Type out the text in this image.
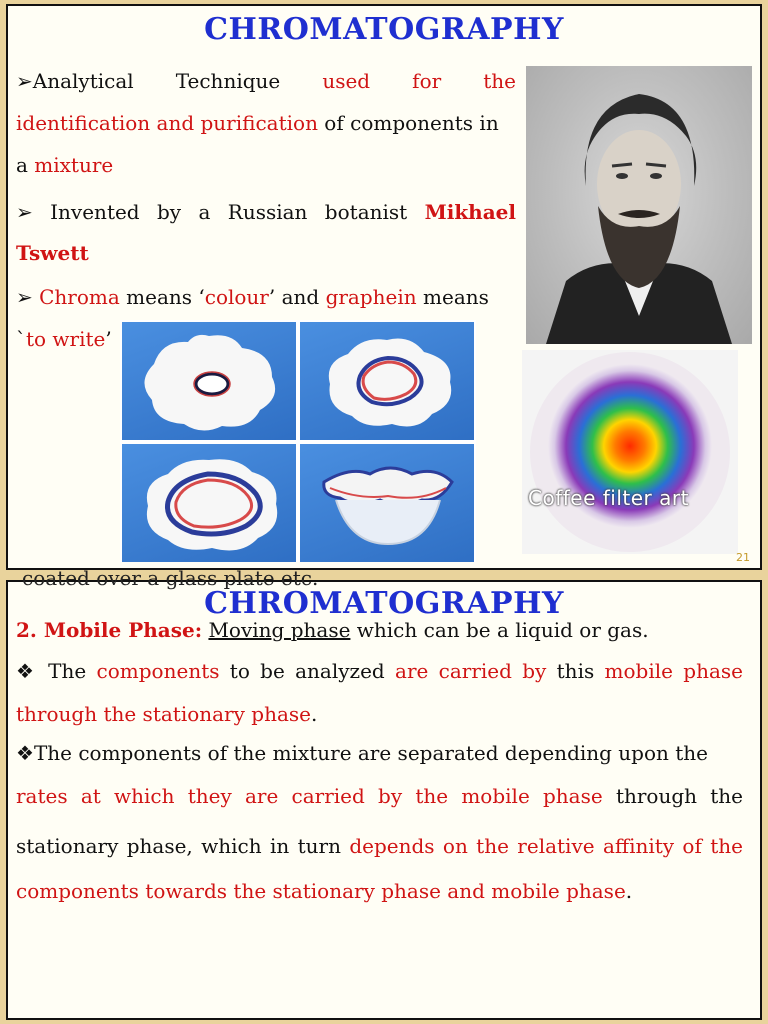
CHROMATOGRAPHY

➢Analytical Technique used for the

identification and purification of components in

a mixture

➢ Invented by a Russian botanist Mikhael Tswett

➢ Chroma means ‘colour’ and graphein means
`to write’

Coffee filter art
21
coated over a glass plate etc.
CHROMATOGRAPHY

2. Mobile Phase: Moving phase which can be a liquid or gas.

❖ The components to be analyzed are carried by this mobile phase

through the stationary phase.

❖The components of the mixture are separated depending upon the

rates at which they are carried by the mobile phase through the

stationary phase, which in turn depends on the relative affinity of the

components towards the stationary phase and mobile phase.
